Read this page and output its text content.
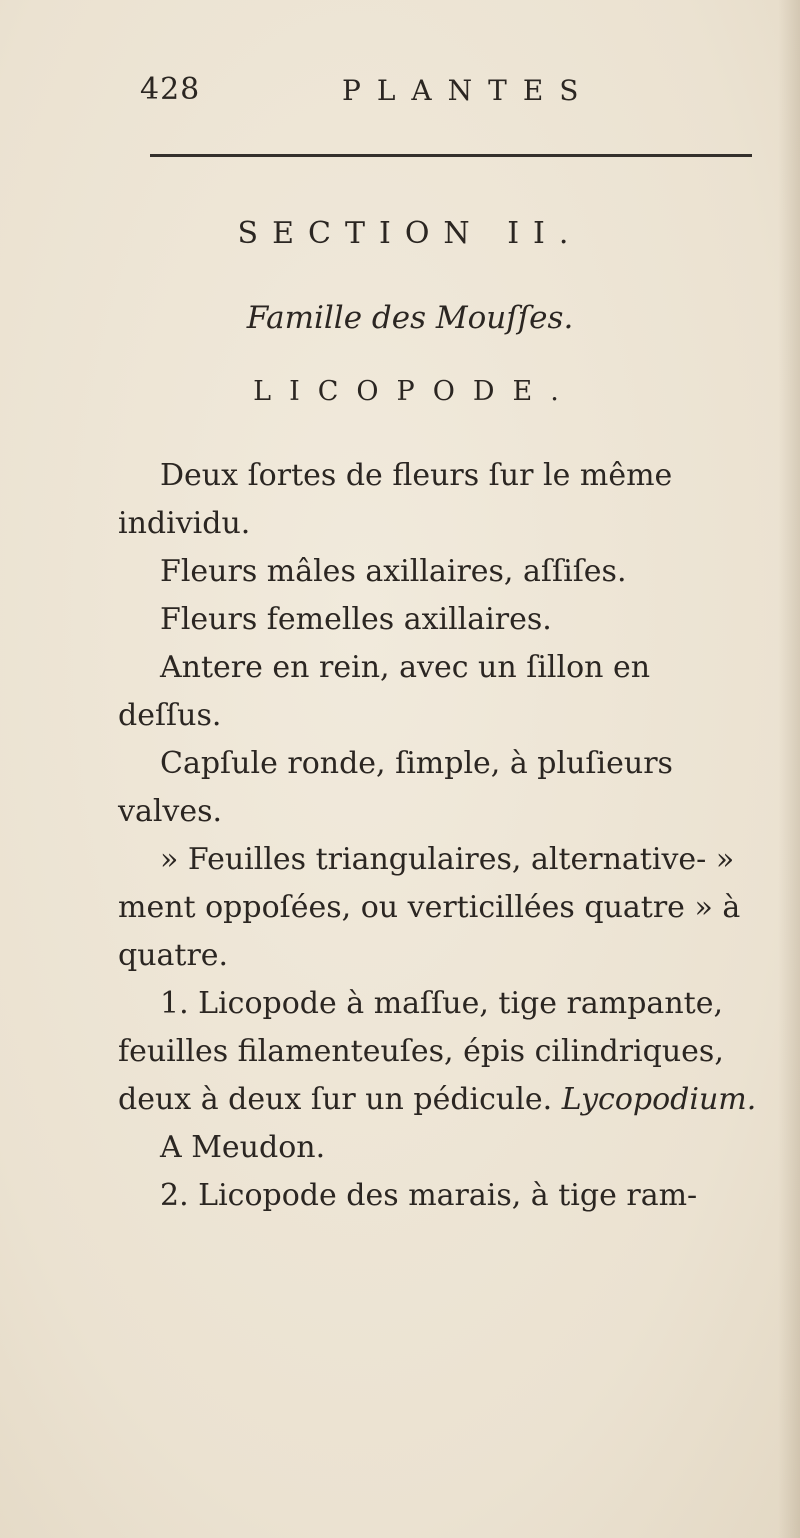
428	PLANTES
SECTION II.
Famille des Mouſſes.
LICOPODE.

Deux ſortes de fleurs ſur le même individu.

Fleurs mâles axillaires, aſſiſes.

Fleurs femelles axillaires.

Antere en rein, avec un ſillon en deſſus.

Capſule ronde, ſimple, à pluſieurs valves.

» Feuilles triangulaires, alternative- » ment oppoſées, ou verticillées quatre » à quatre.

1. Licopode à maſſue, tige rampante, feuilles filamenteuſes, épis cilindriques, deux à deux ſur un pédicule. Lycopodium.

A Meudon.

2. Licopode des marais, à tige ram-
